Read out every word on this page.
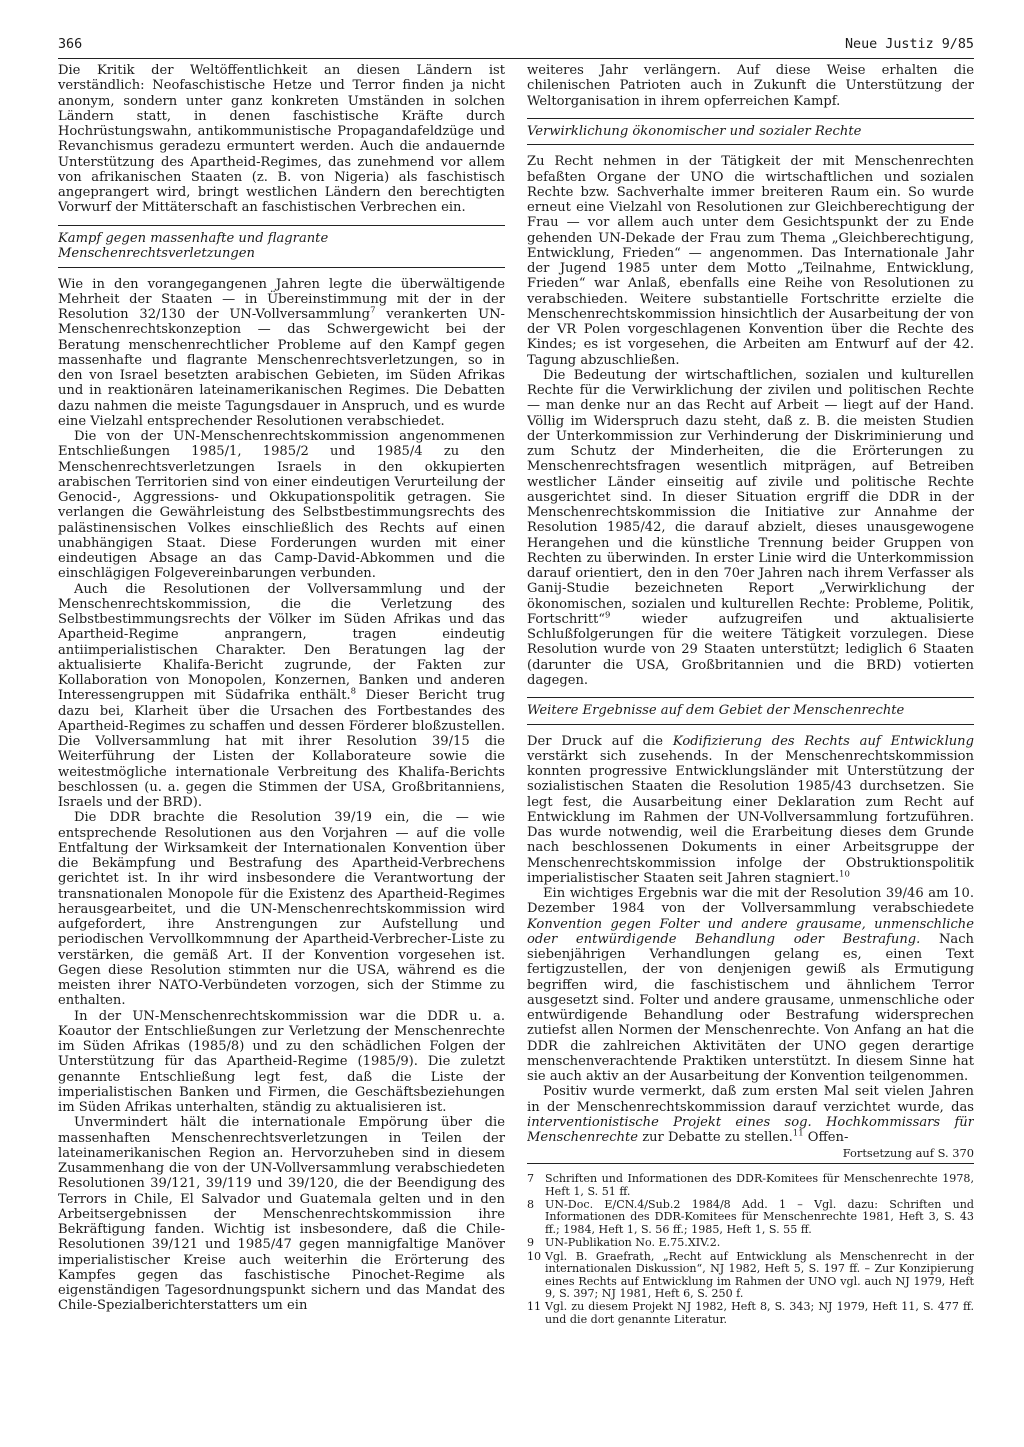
366	Neue Justiz 9/85

Die Kritik der Weltöffentlichkeit an diesen Ländern ist verständlich: Neofaschistische Hetze und Terror finden ja nicht anonym, sondern unter ganz konkreten Umständen in solchen Ländern statt, in denen faschistische Kräfte durch Hochrüstungswahn, antikommunistische Propagandafeldzüge und Revanchismus geradezu ermuntert werden. Auch die andauernde Unterstützung des Apartheid-Regimes, das zunehmend vor allem von afrikanischen Staaten (z. B. von Nigeria) als faschistisch angeprangert wird, bringt westlichen Ländern den berechtigten Vorwurf der Mittäterschaft an faschistischen Verbrechen ein.

Kampf gegen massenhafte und flagrante Menschenrechtsverletzungen

Wie in den vorangegangenen Jahren legte die überwältigende Mehrheit der Staaten — in Übereinstimmung mit der in der Resolution 32/130 der UN-Vollversammlung$^7$ verankerten UN-Menschenrechtskonzeption — das Schwergewicht bei der Beratung menschenrechtlicher Probleme auf den Kampf gegen massenhafte und flagrante Menschenrechtsverletzungen, so in den von Israel besetzten arabischen Gebieten, im Süden Afrikas und in reaktionären lateinamerikanischen Regimes. Die Debatten dazu nahmen die meiste Tagungsdauer in Anspruch, und es wurde eine Vielzahl entsprechender Resolutionen verabschiedet.

Die von der UN-Menschenrechtskommission angenommenen Entschließungen 1985/1, 1985/2 und 1985/4 zu den Menschenrechtsverletzungen Israels in den okkupierten arabischen Territorien sind von einer eindeutigen Verurteilung der Genocid-, Aggressions- und Okkupationspolitik getragen. Sie verlangen die Gewährleistung des Selbstbestimmungsrechts des palästinensischen Volkes einschließlich des Rechts auf einen unabhängigen Staat. Diese Forderungen wurden mit einer eindeutigen Absage an das Camp-David-Abkommen und die einschlägigen Folgevereinbarungen verbunden.

Auch die Resolutionen der Vollversammlung und der Menschenrechtskommission, die die Verletzung des Selbstbestimmungsrechts der Völker im Süden Afrikas und das Apartheid-Regime anprangern, tragen eindeutig antiimperialistischen Charakter. Den Beratungen lag der aktualisierte Khalifa-Bericht zugrunde, der Fakten zur Kollaboration von Monopolen, Konzernen, Banken und anderen Interessengruppen mit Südafrika enthält.$^8$ Dieser Bericht trug dazu bei, Klarheit über die Ursachen des Fortbestandes des Apartheid-Regimes zu schaffen und dessen Förderer bloßzustellen. Die Vollversammlung hat mit ihrer Resolution 39/15 die Weiterführung der Listen der Kollaborateure sowie die weitestmögliche internationale Verbreitung des Khalifa-Berichts beschlossen (u. a. gegen die Stimmen der USA, Großbritanniens, Israels und der BRD).

Die DDR brachte die Resolution 39/19 ein, die — wie entsprechende Resolutionen aus den Vorjahren — auf die volle Entfaltung der Wirksamkeit der Internationalen Konvention über die Bekämpfung und Bestrafung des Apartheid-Verbrechens gerichtet ist. In ihr wird insbesondere die Verantwortung der transnationalen Monopole für die Existenz des Apartheid-Regimes herausgearbeitet, und die UN-Menschenrechtskommission wird aufgefordert, ihre Anstrengungen zur Aufstellung und periodischen Vervollkommnung der Apartheid-Verbrecher-Liste zu verstärken, die gemäß Art. II der Konvention vorgesehen ist. Gegen diese Resolution stimmten nur die USA, während es die meisten ihrer NATO-Verbündeten vorzogen, sich der Stimme zu enthalten.

In der UN-Menschenrechtskommission war die DDR u. a. Koautor der Entschließungen zur Verletzung der Menschenrechte im Süden Afrikas (1985/8) und zu den schädlichen Folgen der Unterstützung für das Apartheid-Regime (1985/9). Die zuletzt genannte Entschließung legt fest, daß die Liste der imperialistischen Banken und Firmen, die Geschäftsbeziehungen im Süden Afrikas unterhalten, ständig zu aktualisieren ist.

Unvermindert hält die internationale Empörung über die massenhaften Menschenrechtsverletzungen in Teilen der lateinamerikanischen Region an. Hervorzuheben sind in diesem Zusammenhang die von der UN-Vollversammlung verabschiedeten Resolutionen 39/121, 39/119 und 39/120, die der Beendigung des Terrors in Chile, El Salvador und Guatemala gelten und in den Arbeitsergebnissen der Menschenrechtskommission ihre Bekräftigung fanden. Wichtig ist insbesondere, daß die Chile-Resolutionen 39/121 und 1985/47 gegen mannigfaltige Manöver imperialistischer Kreise auch weiterhin die Erörterung des Kampfes gegen das faschistische Pinochet-Regime als eigenständigen Tagesordnungspunkt sichern und das Mandat des Chile-Spezialberichterstatters um ein

weiteres Jahr verlängern. Auf diese Weise erhalten die chilenischen Patrioten auch in Zukunft die Unterstützung der Weltorganisation in ihrem opferreichen Kampf.

Verwirklichung ökonomischer und sozialer Rechte

Zu Recht nehmen in der Tätigkeit der mit Menschenrechten befaßten Organe der UNO die wirtschaftlichen und sozialen Rechte bzw. Sachverhalte immer breiteren Raum ein. So wurde erneut eine Vielzahl von Resolutionen zur Gleichberechtigung der Frau — vor allem auch unter dem Gesichtspunkt der zu Ende gehenden UN-Dekade der Frau zum Thema „Gleichberechtigung, Entwicklung, Frieden“ — angenommen. Das Internationale Jahr der Jugend 1985 unter dem Motto „Teilnahme, Entwicklung, Frieden“ war Anlaß, ebenfalls eine Reihe von Resolutionen zu verabschieden. Weitere substantielle Fortschritte erzielte die Menschenrechtskommission hinsichtlich der Ausarbeitung der von der VR Polen vorgeschlagenen Konvention über die Rechte des Kindes; es ist vorgesehen, die Arbeiten am Entwurf auf der 42. Tagung abzuschließen.

Die Bedeutung der wirtschaftlichen, sozialen und kulturellen Rechte für die Verwirklichung der zivilen und politischen Rechte — man denke nur an das Recht auf Arbeit — liegt auf der Hand. Völlig im Widerspruch dazu steht, daß z. B. die meisten Studien der Unterkommission zur Verhinderung der Diskriminierung und zum Schutz der Minderheiten, die die Erörterungen zu Menschenrechtsfragen wesentlich mitprägen, auf Betreiben westlicher Länder einseitig auf zivile und politische Rechte ausgerichtet sind. In dieser Situation ergriff die DDR in der Menschenrechtskommission die Initiative zur Annahme der Resolution 1985/42, die darauf abzielt, dieses unausgewogene Herangehen und die künstliche Trennung beider Gruppen von Rechten zu überwinden. In erster Linie wird die Unterkommission darauf orientiert, den in den 70er Jahren nach ihrem Verfasser als Ganij-Studie bezeichneten Report „Verwirklichung der ökonomischen, sozialen und kulturellen Rechte: Probleme, Politik, Fortschritt“$^9$ wieder aufzugreifen und aktualisierte Schlußfolgerungen für die weitere Tätigkeit vorzulegen. Diese Resolution wurde von 29 Staaten unterstützt; lediglich 6 Staaten (darunter die USA, Großbritannien und die BRD) votierten dagegen.

Weitere Ergebnisse auf dem Gebiet der Menschenrechte

Der Druck auf die Kodifizierung des Rechts auf Entwicklung verstärkt sich zusehends. In der Menschenrechtskommission konnten progressive Entwicklungsländer mit Unterstützung der sozialistischen Staaten die Resolution 1985/43 durchsetzen. Sie legt fest, die Ausarbeitung einer Deklaration zum Recht auf Entwicklung im Rahmen der UN-Vollversammlung fortzuführen. Das wurde notwendig, weil die Erarbeitung dieses dem Grunde nach beschlossenen Dokuments in einer Arbeitsgruppe der Menschenrechtskommission infolge der Obstruktionspolitik imperialistischer Staaten seit Jahren stagniert.$^{10}$

Ein wichtiges Ergebnis war die mit der Resolution 39/46 am 10. Dezember 1984 von der Vollversammlung verabschiedete Konvention gegen Folter und andere grausame, unmenschliche oder entwürdigende Behandlung oder Bestrafung. Nach siebenjährigen Verhandlungen gelang es, einen Text fertigzustellen, der von denjenigen gewiß als Ermutigung begriffen wird, die faschistischem und ähnlichem Terror ausgesetzt sind. Folter und andere grausame, unmenschliche oder entwürdigende Behandlung oder Bestrafung widersprechen zutiefst allen Normen der Menschenrechte. Von Anfang an hat die DDR die zahlreichen Aktivitäten der UNO gegen derartige menschenverachtende Praktiken unterstützt. In diesem Sinne hat sie auch aktiv an der Ausarbeitung der Konvention teilgenommen.

Positiv wurde vermerkt, daß zum ersten Mal seit vielen Jahren in der Menschenrechtskommission darauf verzichtet wurde, das interventionistische Projekt eines sog. Hochkommissars für Menschenrechte zur Debatte zu stellen.$^{11}$ Offen-

Fortsetzung auf S. 370
7 Schriften und Informationen des DDR-Komitees für Menschenrechte 1978, Heft 1, S. 51 ff.
8 UN-Doc. E/CN.4/Sub.2 1984/8 Add. 1 – Vgl. dazu: Schriften und Informationen des DDR-Komitees für Menschenrechte 1981, Heft 3, S. 43 ff.; 1984, Heft 1, S. 56 ff.; 1985, Heft 1, S. 55 ff.
9 UN-Publikation No. E.75.XIV.2.
10 Vgl. B. Graefrath, „Recht auf Entwicklung als Menschenrecht in der internationalen Diskussion“, NJ 1982, Heft 5, S. 197 ff. – Zur Konzipierung eines Rechts auf Entwicklung im Rahmen der UNO vgl. auch NJ 1979, Heft 9, S. 397; NJ 1981, Heft 6, S. 250 f.
11 Vgl. zu diesem Projekt NJ 1982, Heft 8, S. 343; NJ 1979, Heft 11, S. 477 ff. und die dort genannte Literatur.
